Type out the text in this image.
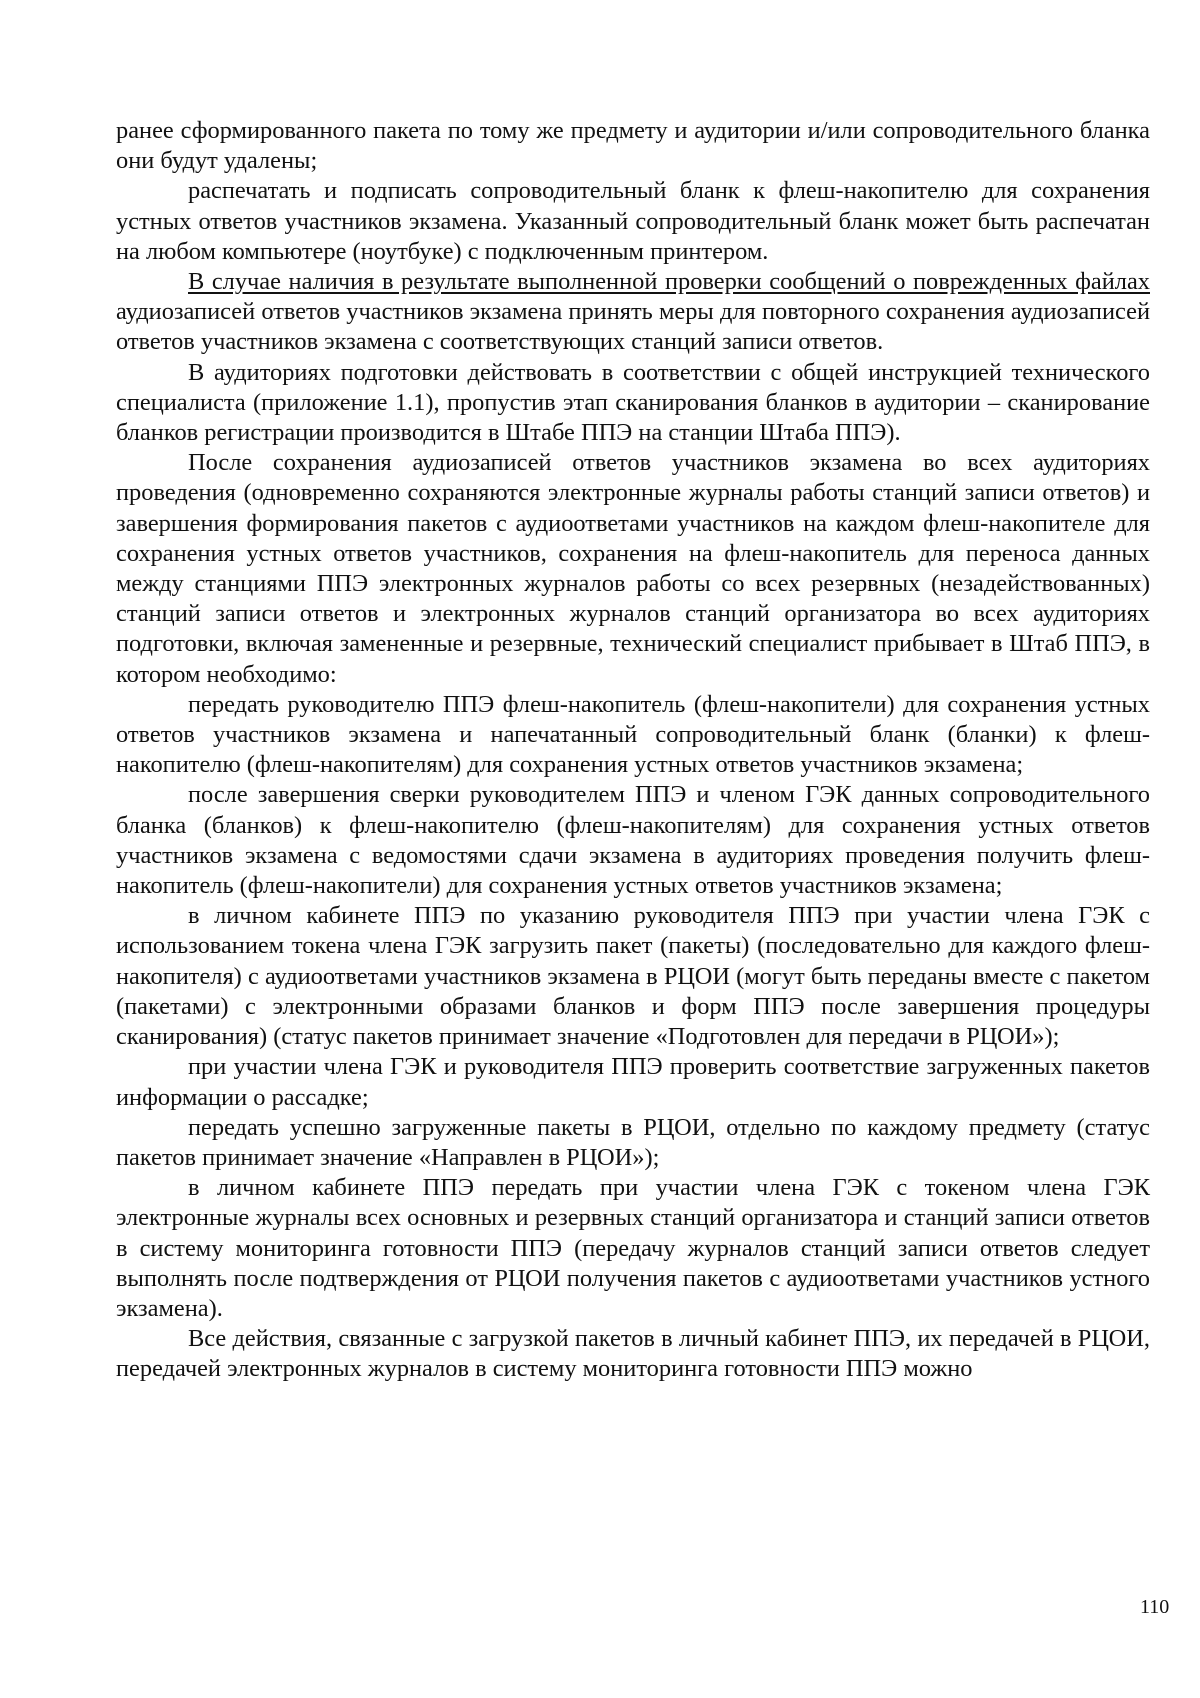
ранее сформированного пакета по тому же предмету и аудитории и/или сопроводительного бланка они будут удалены;

распечатать и подписать сопроводительный бланк к флеш-накопителю для сохранения устных ответов участников экзамена. Указанный сопроводительный бланк может быть распечатан на любом компьютере (ноутбуке) с подключенным принтером.

В случае наличия в результате выполненной проверки сообщений о поврежденных файлах аудиозаписей ответов участников экзамена принять меры для повторного сохранения аудиозаписей ответов участников экзамена с соответствующих станций записи ответов.

В аудиториях подготовки действовать в соответствии с общей инструкцией технического специалиста (приложение 1.1), пропустив этап сканирования бланков в аудитории – сканирование бланков регистрации производится в Штабе ППЭ на станции Штаба ППЭ).

После сохранения аудиозаписей ответов участников экзамена во всех аудиториях проведения (одновременно сохраняются электронные журналы работы станций записи ответов) и завершения формирования пакетов с аудиоответами участников на каждом флеш-накопителе для сохранения устных ответов участников, сохранения на флеш-накопитель для переноса данных между станциями ППЭ электронных журналов работы со всех резервных (незадействованных) станций записи ответов и электронных журналов станций организатора во всех аудиториях подготовки, включая замененные и резервные, технический специалист прибывает в Штаб ППЭ, в котором необходимо:

передать руководителю ППЭ флеш-накопитель (флеш-накопители) для сохранения устных ответов участников экзамена и напечатанный сопроводительный бланк (бланки) к флеш-накопителю (флеш-накопителям) для сохранения устных ответов участников экзамена;

после завершения сверки руководителем ППЭ и членом ГЭК данных сопроводительного бланка (бланков) к флеш-накопителю (флеш-накопителям) для сохранения устных ответов участников экзамена с ведомостями сдачи экзамена в аудиториях проведения получить флеш-накопитель (флеш-накопители) для сохранения устных ответов участников экзамена;

в личном кабинете ППЭ по указанию руководителя ППЭ при участии члена ГЭК с использованием токена члена ГЭК загрузить пакет (пакеты) (последовательно для каждого флеш-накопителя) с аудиоответами участников экзамена в РЦОИ (могут быть переданы вместе с пакетом (пакетами) с электронными образами бланков и форм ППЭ после завершения процедуры сканирования) (статус пакетов принимает значение «Подготовлен для передачи в РЦОИ»);

при участии члена ГЭК и руководителя ППЭ проверить соответствие загруженных пакетов информации о рассадке;

передать успешно загруженные пакеты в РЦОИ, отдельно по каждому предмету (статус пакетов принимает значение «Направлен в РЦОИ»);

в личном кабинете ППЭ передать при участии члена ГЭК с токеном члена ГЭК электронные журналы всех основных и резервных станций организатора и станций записи ответов в систему мониторинга готовности ППЭ (передачу журналов станций записи ответов следует выполнять после подтверждения от РЦОИ получения пакетов с аудиоответами участников устного экзамена).

Все действия, связанные с загрузкой пакетов в личный кабинет ППЭ, их передачей в РЦОИ, передачей электронных журналов в систему мониторинга готовности ППЭ можно

110
